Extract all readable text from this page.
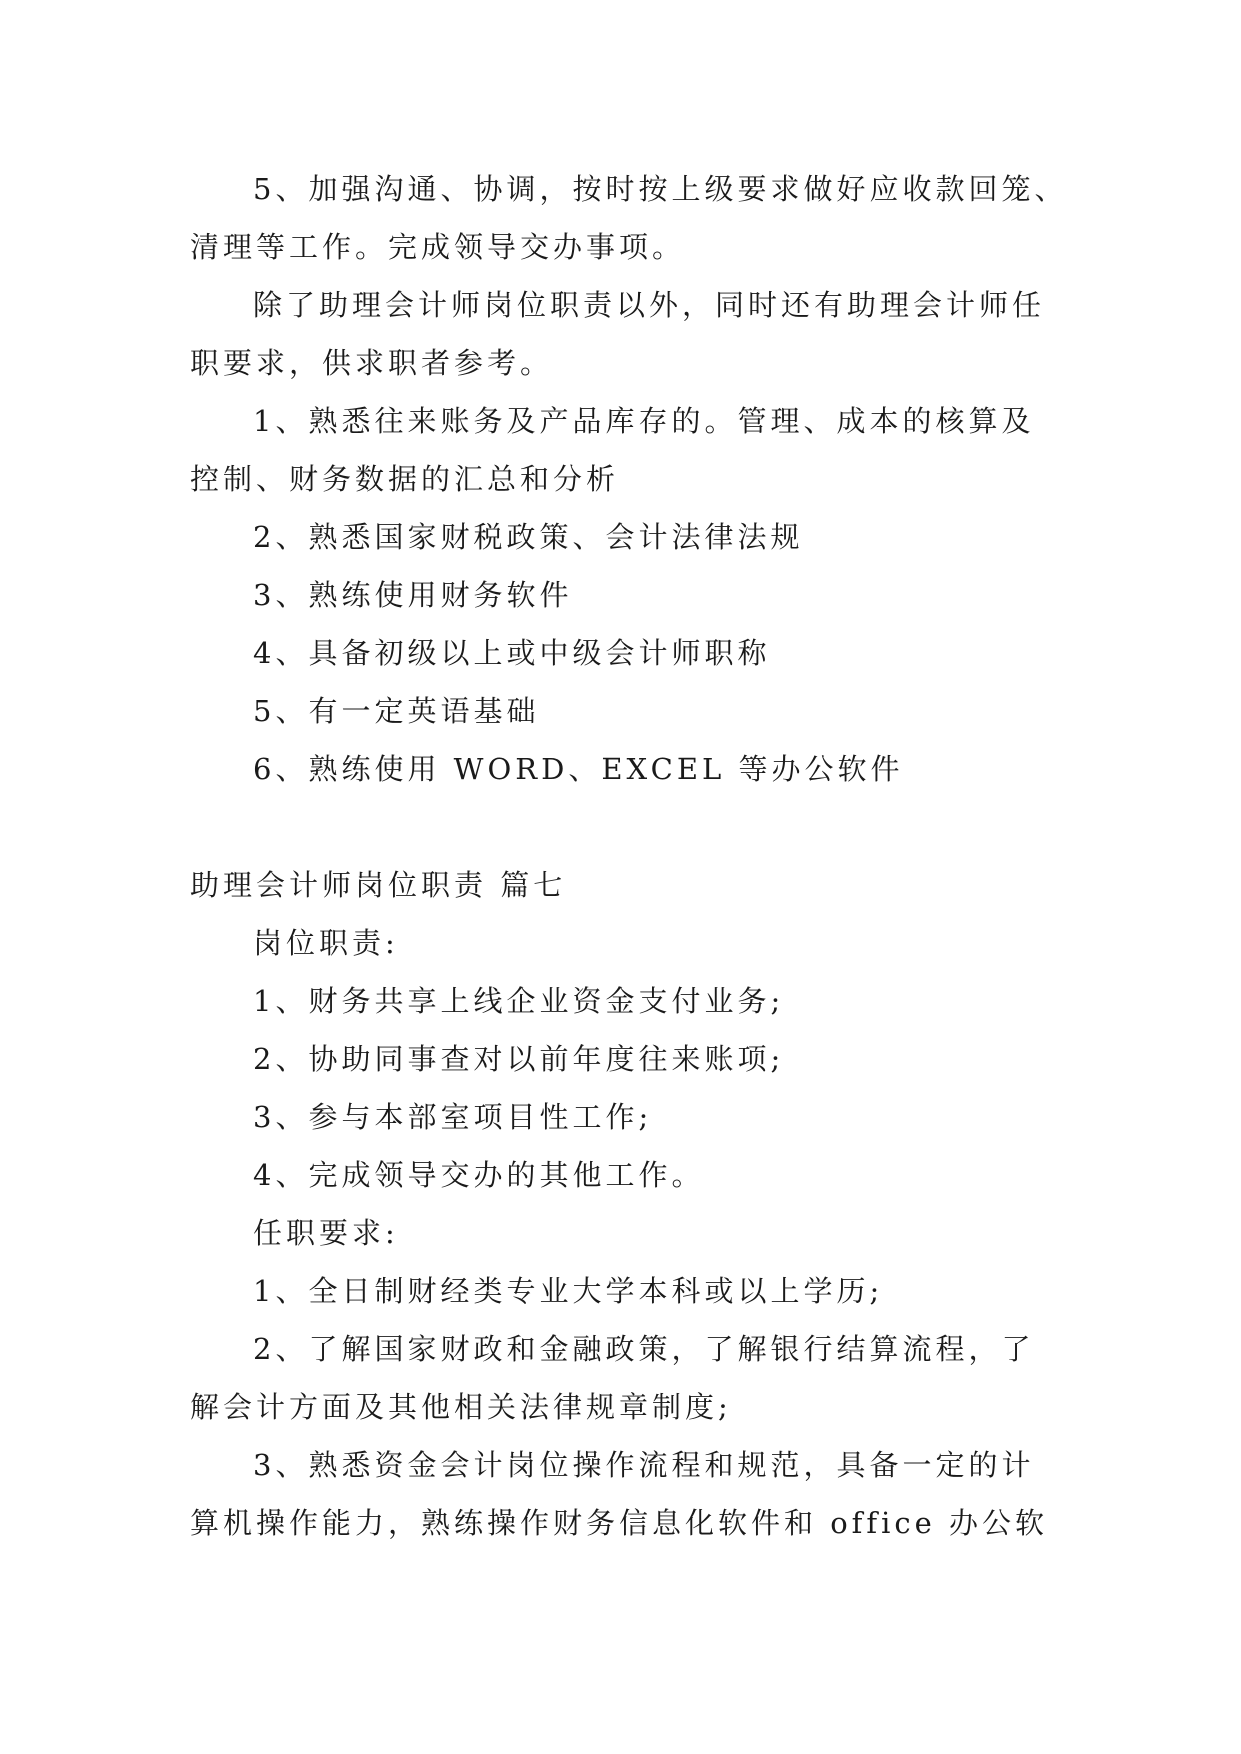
5、加强沟通、协调，按时按上级要求做好应收款回笼、

清理等工作。完成领导交办事项。

除了助理会计师岗位职责以外，同时还有助理会计师任

职要求，供求职者参考。

1、熟悉往来账务及产品库存的。管理、成本的核算及

控制、财务数据的汇总和分析

2、熟悉国家财税政策、会计法律法规

3、熟练使用财务软件

4、具备初级以上或中级会计师职称

5、有一定英语基础

6、熟练使用 WORD、EXCEL 等办公软件

助理会计师岗位职责 篇七

岗位职责:

1、财务共享上线企业资金支付业务;

2、协助同事查对以前年度往来账项;

3、参与本部室项目性工作;

4、完成领导交办的其他工作。

任职要求:

1、全日制财经类专业大学本科或以上学历;

2、了解国家财政和金融政策，了解银行结算流程，了

解会计方面及其他相关法律规章制度;

3、熟悉资金会计岗位操作流程和规范，具备一定的计

算机操作能力，熟练操作财务信息化软件和 office 办公软
